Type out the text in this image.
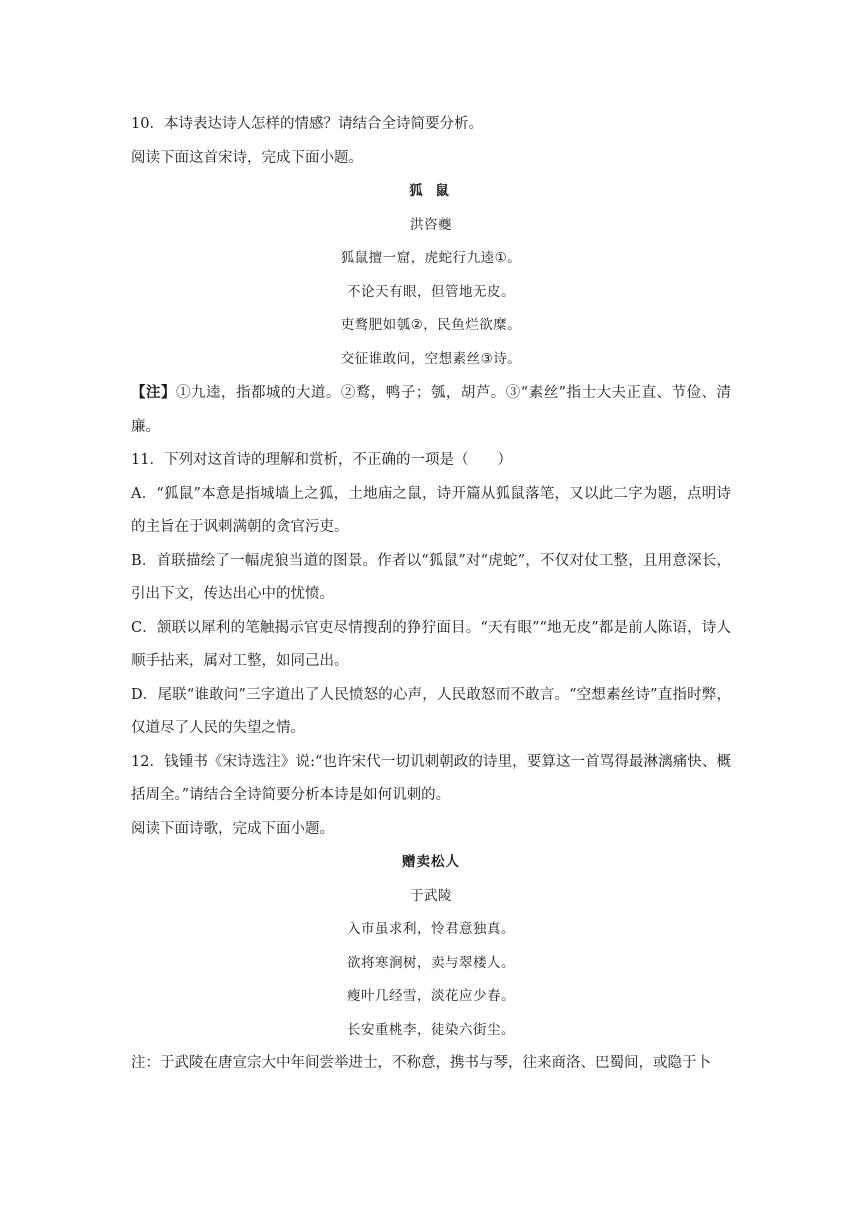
10．本诗表达诗人怎样的情感？请结合全诗简要分析。
阅读下面这首宋诗，完成下面小题。
狐 鼠
洪咨夔
狐鼠擅一窟，虎蛇行九逵①。
不论天有眼，但管地无皮。
吏鹜肥如瓠②，民鱼烂欲糜。
交征谁敢问，空想素丝③诗。
【注】①九逵，指都城的大道。②鹜，鸭子；瓠，胡芦。③“素丝”指士大夫正直、节俭、清廉。
11．下列对这首诗的理解和赏析，不正确的一项是（　　）
A．“狐鼠”本意是指城墙上之狐，土地庙之鼠，诗开篇从狐鼠落笔，又以此二字为题，点明诗的主旨在于讽刺满朝的贪官污吏。
B．首联描绘了一幅虎狼当道的图景。作者以“狐鼠”对“虎蛇”，不仅对仗工整，且用意深长，引出下文，传达出心中的忧愤。
C．颔联以犀利的笔触揭示官吏尽情搜刮的狰狞面目。“天有眼”“地无皮”都是前人陈语，诗人顺手拈来，属对工整，如同己出。
D．尾联“谁敢问”三字道出了人民愤怒的心声，人民敢怒而不敢言。“空想素丝诗”直指时弊，仅道尽了人民的失望之情。
12．钱锺书《宋诗选注》说:“也许宋代一切讥刺朝政的诗里，要算这一首骂得最淋漓痛快、概括周全。”请结合全诗简要分析本诗是如何讥刺的。
阅读下面诗歌，完成下面小题。
赠卖松人
于武陵
入市虽求利，怜君意独真。
欲将寒涧树，卖与翠楼人。
瘦叶几经雪，淡花应少春。
长安重桃李，徒染六街尘。
注：于武陵在唐宣宗大中年间尝举进士，不称意，携书与琴，往来商洛、巴蜀间，或隐于卜
